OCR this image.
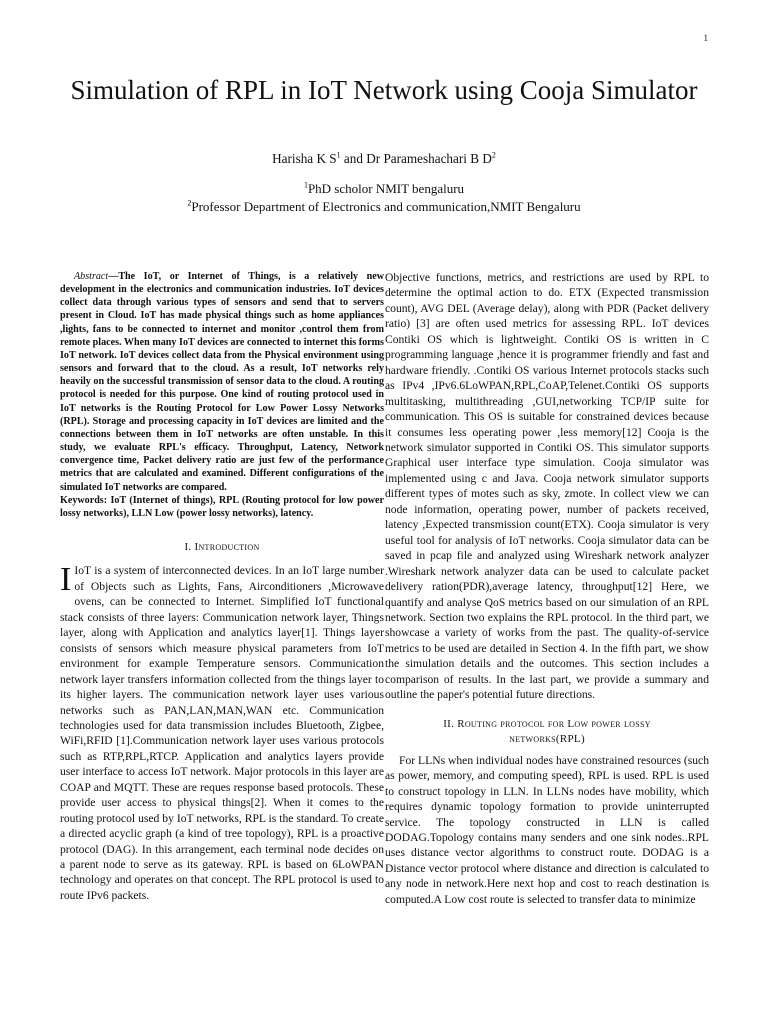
1
Simulation of RPL in IoT Network using Cooja Simulator
Harisha K $S^1$ and Dr Parameshachari B $D^2$
$^1$PhD scholor NMIT bengaluru
$^2$Professor Department of Electronics and communication,NMIT Bengaluru

Abstract—The IoT, or Internet of Things, is a relatively new development in the electronics and communication industries. IoT devices collect data through various types of sensors and send that to servers present in Cloud. IoT has made physical things such as home appliances ,lights, fans to be connected to internet and monitor ,control them from remote places. When many IoT devices are connected to internet this forms IoT network. IoT devices collect data from the Physical environment using sensors and forward that to the cloud. As a result, IoT networks rely heavily on the successful transmission of sensor data to the cloud. A routing protocol is needed for this purpose. One kind of routing protocol used in IoT networks is the Routing Protocol for Low Power Lossy Networks (RPL). Storage and processing capacity in IoT devices are limited and the connections between them in IoT networks are often unstable. In this study, we evaluate RPL's efficacy. Throughput, Latency, Network convergence time, Packet delivery ratio are just few of the performance metrics that are calculated and examined. Different configurations of the simulated IoT networks are compared.

Keywords: IoT (Internet of things), RPL (Routing protocol for low power lossy networks), LLN Low (power lossy networks), latency.

I. Introduction

I IoT is a system of interconnected devices. In an IoT large number of Objects such as Lights, Fans, Airconditioners ,Microwave ovens, can be connected to Internet. Simplified IoT functional stack consists of three layers: Communication network layer, Things layer, along with Application and analytics layer[1]. Things layer consists of sensors which measure physical parameters from IoT environment for example Temperature sensors. Communication network layer transfers information collected from the things layer to its higher layers. The communication network layer uses various networks such as PAN,LAN,MAN,WAN etc. Communication technologies used for data transmission includes Bluetooth, Zigbee, WiFi,RFID [1].Communication network layer uses various protocols such as RTP,RPL,RTCP. Application and analytics layers provide user interface to access IoT network. Major protocols in this layer are COAP and MQTT. These are reques response based protocols. These provide user access to physical things[2]. When it comes to the routing protocol used by IoT networks, RPL is the standard. To create a directed acyclic graph (a kind of tree topology), RPL is a proactive protocol (DAG). In this arrangement, each terminal node decides on a parent node to serve as its gateway. RPL is based on 6LoWPAN technology and operates on that concept. The RPL protocol is used to route IPv6 packets.

Objective functions, metrics, and restrictions are used by RPL to determine the optimal action to do. ETX (Expected transmission count), AVG DEL (Average delay), along with PDR (Packet delivery ratio) [3] are often used metrics for assessing RPL. IoT devices Contiki OS which is lightweight. Contiki OS is written in C programming language ,hence it is programmer friendly and fast and hardware friendly. .Contiki OS various Internet protocols stacks such as IPv4 ,IPv6.6LoWPAN,RPL,CoAP,Telenet.Contiki OS supports multitasking, multithreading ,GUI,networking TCP/IP suite for communication. This OS is suitable for constrained devices because it consumes less operating power ,less memory[12] Cooja is the network simulator supported in Contiki OS. This simulator supports Graphical user interface type simulation. Cooja simulator was implemented using c and Java. Cooja network simulator supports different types of motes such as sky, zmote. In collect view we can node information, operating power, number of packets received, latency ,Expected transmission count(ETX). Cooja simulator is very useful tool for analysis of IoT networks. Cooja simulator data can be saved in pcap file and analyzed using Wireshark network analyzer .Wireshark network analyzer data can be used to calculate packet delivery ration(PDR),average latency, throughput[12] Here, we quantify and analyse QoS metrics based on our simulation of an RPL network. Section two explains the RPL protocol. In the third part, we showcase a variety of works from the past. The quality-of-service metrics to be used are detailed in Section 4. In the fifth part, we show the simulation details and the outcomes. This section includes a comparison of results. In the last part, we provide a summary and outline the paper's potential future directions.

II. Routing protocol for Low power lossy
networks(RPL)

For LLNs when individual nodes have constrained resources (such as power, memory, and computing speed), RPL is used. RPL is used to construct topology in LLN. In LLNs nodes have mobility, which requires dynamic topology formation to provide uninterrupted service. The topology constructed in LLN is called DODAG.Topology contains many senders and one sink nodes..RPL uses distance vector algorithms to construct route. DODAG is a Distance vector protocol where distance and direction is calculated to any node in network.Here next hop and cost to reach destination is computed.A Low cost route is selected to transfer data to minimize
